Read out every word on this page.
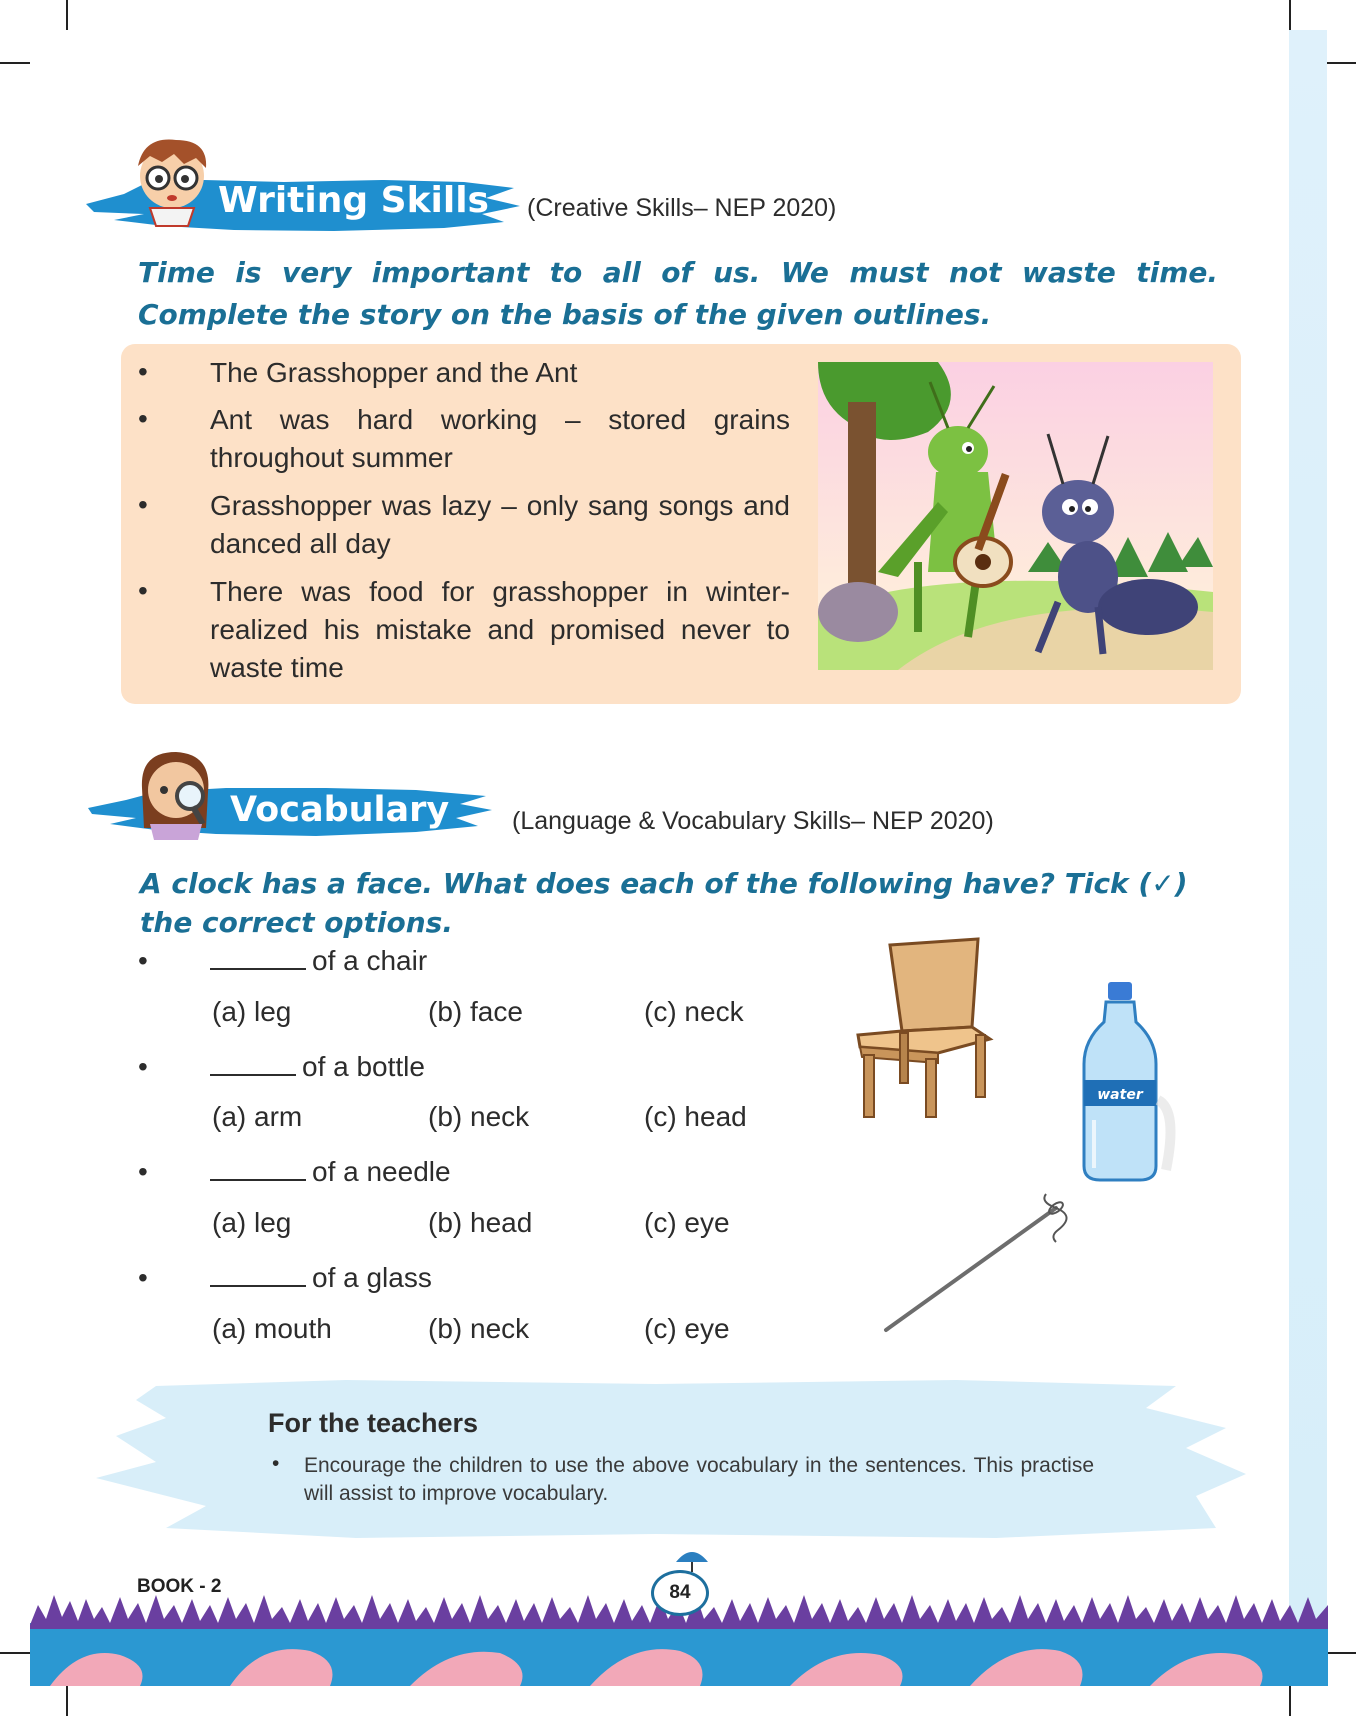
Writing Skills (Creative Skills– NEP 2020)

Time is very important to all of us. We must not waste time. Complete the story on the basis of the given outlines.

• The Grasshopper and the Ant

• Ant was hard working – stored grains throughout summer

• Grasshopper was lazy – only sang songs and danced all day

• There was food for grasshopper in winter- realized his mistake and promised never to waste time

Vocabulary	(Language & Vocabulary Skills– NEP 2020)

A clock has a face. What does each of the following have? Tick (✓) the correct options.

•	of a chair
(a) leg	(b) face	(c) neck
•	of a bottle
(a) arm	(b) neck	(c) head
•	of a needle
(a) leg	(b) head	(c) eye
•	of a glass
(a) mouth	(b) neck	(c) eye
water
For the teachers
• Encourage the children to use the above vocabulary in the sentences. This practise will assist to improve vocabulary.

BOOK - 2	84
